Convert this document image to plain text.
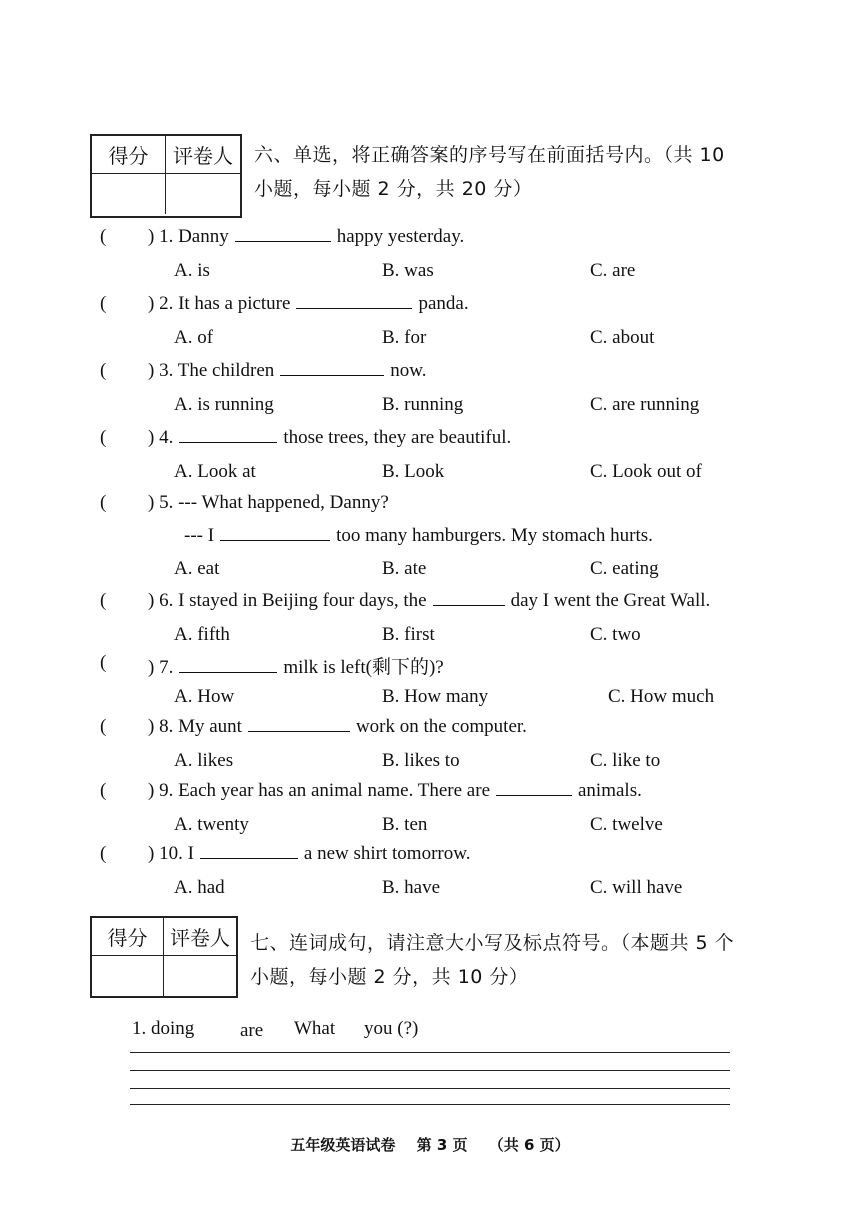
得分	评卷人	六、单选，将正确答案的序号写在前面括号内。（共 10
小题，每小题 2 分，共 20 分）
( ) 1. Danny	happy yesterday.
A. is	B. was	C. are
( ) 2. It has a picture	panda.
A. of	B. for	C. about
( ) 3. The children	now.
A. is running	B. running	C. are running
( ) 4.	those trees, they are beautiful.
A. Look at	B. Look	C. Look out of
( ) 5. --- What happened, Danny?
--- I	too many hamburgers. My stomach hurts.
A. eat	B. ate	C. eating
( ) 6. I stayed in Beijing four days, the	day I went the Great Wall.
A. fifth	B. first	C. two
( ) 7.	milk is left(剩下的)?
A. How	B. How many	C. How much
( ) 8. My aunt	work on the computer.
A. likes	B. likes to	C. like to
( ) 9. Each year has an animal name. There are	animals.
A. twenty	B. ten	C. twelve
( ) 10. I	a new shirt tomorrow.
A. had	B. have	C. will have
得分	评卷人	七、连词成句，请注意大小写及标点符号。（本题共 5 个
小题，每小题 2 分，共 10 分）
1. doing are What you (?)
五年级英语试卷 第 3 页 （共 6 页）
